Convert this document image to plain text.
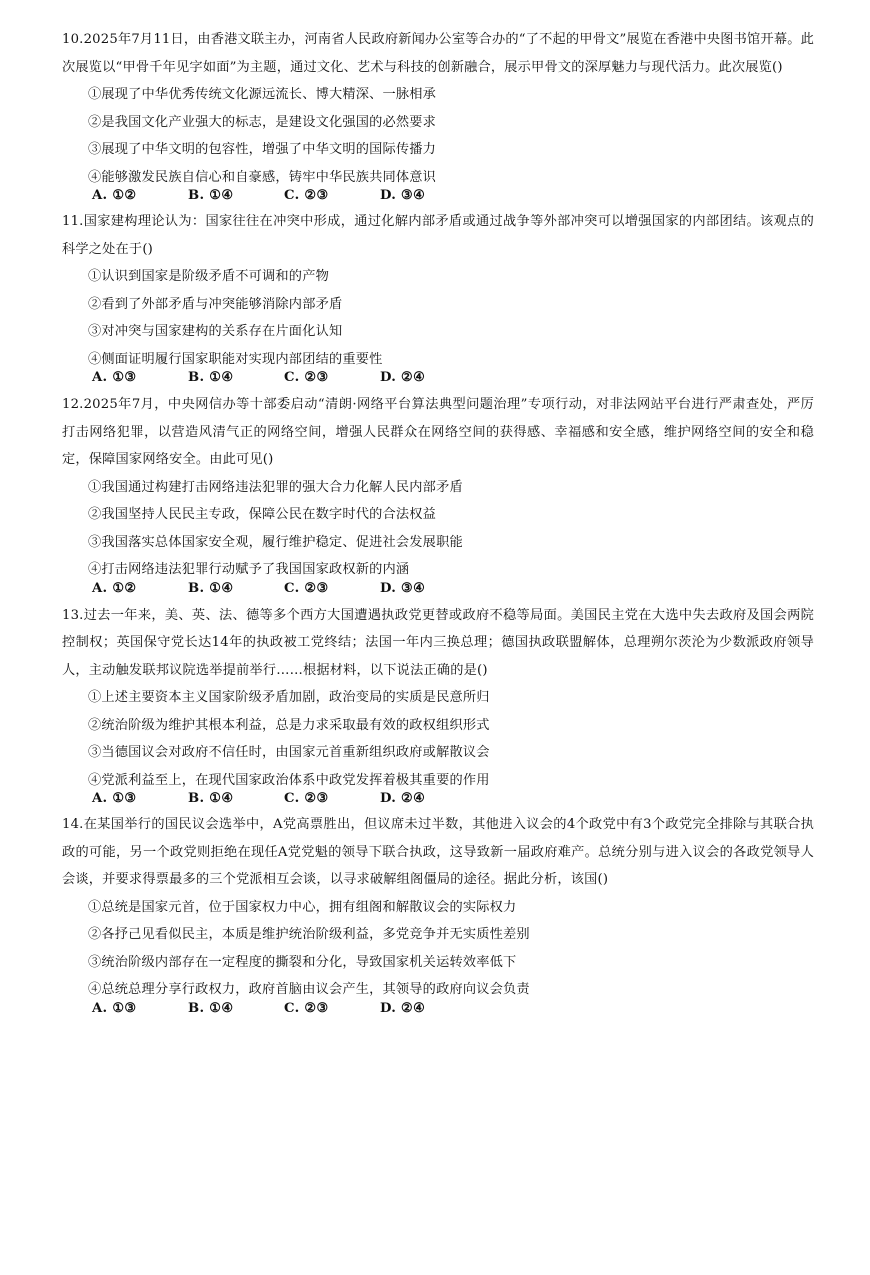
10.2025年7月11日，由香港文联主办，河南省人民政府新闻办公室等合办的“了不起的甲骨文”展览在香港中央图书馆开幕。此次展览以“甲骨千年见字如面”为主题，通过文化、艺术与科技的创新融合，展示甲骨文的深厚魅力与现代活力。此次展览()

①展现了中华优秀传统文化源远流长、博大精深、一脉相承

②是我国文化产业强大的标志，是建设文化强国的必然要求

③展现了中华文明的包容性，增强了中华文明的国际传播力

④能够激发民族自信心和自豪感，铸牢中华民族共同体意识

A. ①②	B. ①④	C. ②③	D. ③④

11.国家建构理论认为：国家往往在冲突中形成，通过化解内部矛盾或通过战争等外部冲突可以增强国家的内部团结。该观点的科学之处在于()

①认识到国家是阶级矛盾不可调和的产物

②看到了外部矛盾与冲突能够消除内部矛盾

③对冲突与国家建构的关系存在片面化认知

④侧面证明履行国家职能对实现内部团结的重要性

A. ①③	B. ①④	C. ②③	D. ②④

12.2025年7月，中央网信办等十部委启动“清朗·网络平台算法典型问题治理”专项行动，对非法网站平台进行严肃查处，严厉打击网络犯罪，以营造风清气正的网络空间，增强人民群众在网络空间的获得感、幸福感和安全感，维护网络空间的安全和稳定，保障国家网络安全。由此可见()

①我国通过构建打击网络违法犯罪的强大合力化解人民内部矛盾

②我国坚持人民民主专政，保障公民在数字时代的合法权益

③我国落实总体国家安全观，履行维护稳定、促进社会发展职能

④打击网络违法犯罪行动赋予了我国国家政权新的内涵

A. ①②	B. ①④	C. ②③	D. ③④

13.过去一年来，美、英、法、德等多个西方大国遭遇执政党更替或政府不稳等局面。美国民主党在大选中失去政府及国会两院控制权；英国保守党长达14年的执政被工党终结；法国一年内三换总理；德国执政联盟解体，总理朔尔茨沦为少数派政府领导人，主动触发联邦议院选举提前举行……根据材料，以下说法正确的是()

①上述主要资本主义国家阶级矛盾加剧，政治变局的实质是民意所归

②统治阶级为维护其根本利益，总是力求采取最有效的政权组织形式

③当德国议会对政府不信任时，由国家元首重新组织政府或解散议会

④党派利益至上，在现代国家政治体系中政党发挥着极其重要的作用

A. ①③	B. ①④	C. ②③	D. ②④

14.在某国举行的国民议会选举中，A党高票胜出，但议席未过半数，其他进入议会的4个政党中有3个政党完全排除与其联合执政的可能，另一个政党则拒绝在现任A党党魁的领导下联合执政，这导致新一届政府难产。总统分别与进入议会的各政党领导人会谈，并要求得票最多的三个党派相互会谈，以寻求破解组阁僵局的途径。据此分析，该国()

①总统是国家元首，位于国家权力中心，拥有组阁和解散议会的实际权力

②各抒己见看似民主，本质是维护统治阶级利益，多党竞争并无实质性差别

③统治阶级内部存在一定程度的撕裂和分化，导致国家机关运转效率低下

④总统总理分享行政权力，政府首脑由议会产生，其领导的政府向议会负责

A. ①③	B. ①④	C. ②③	D. ②④
